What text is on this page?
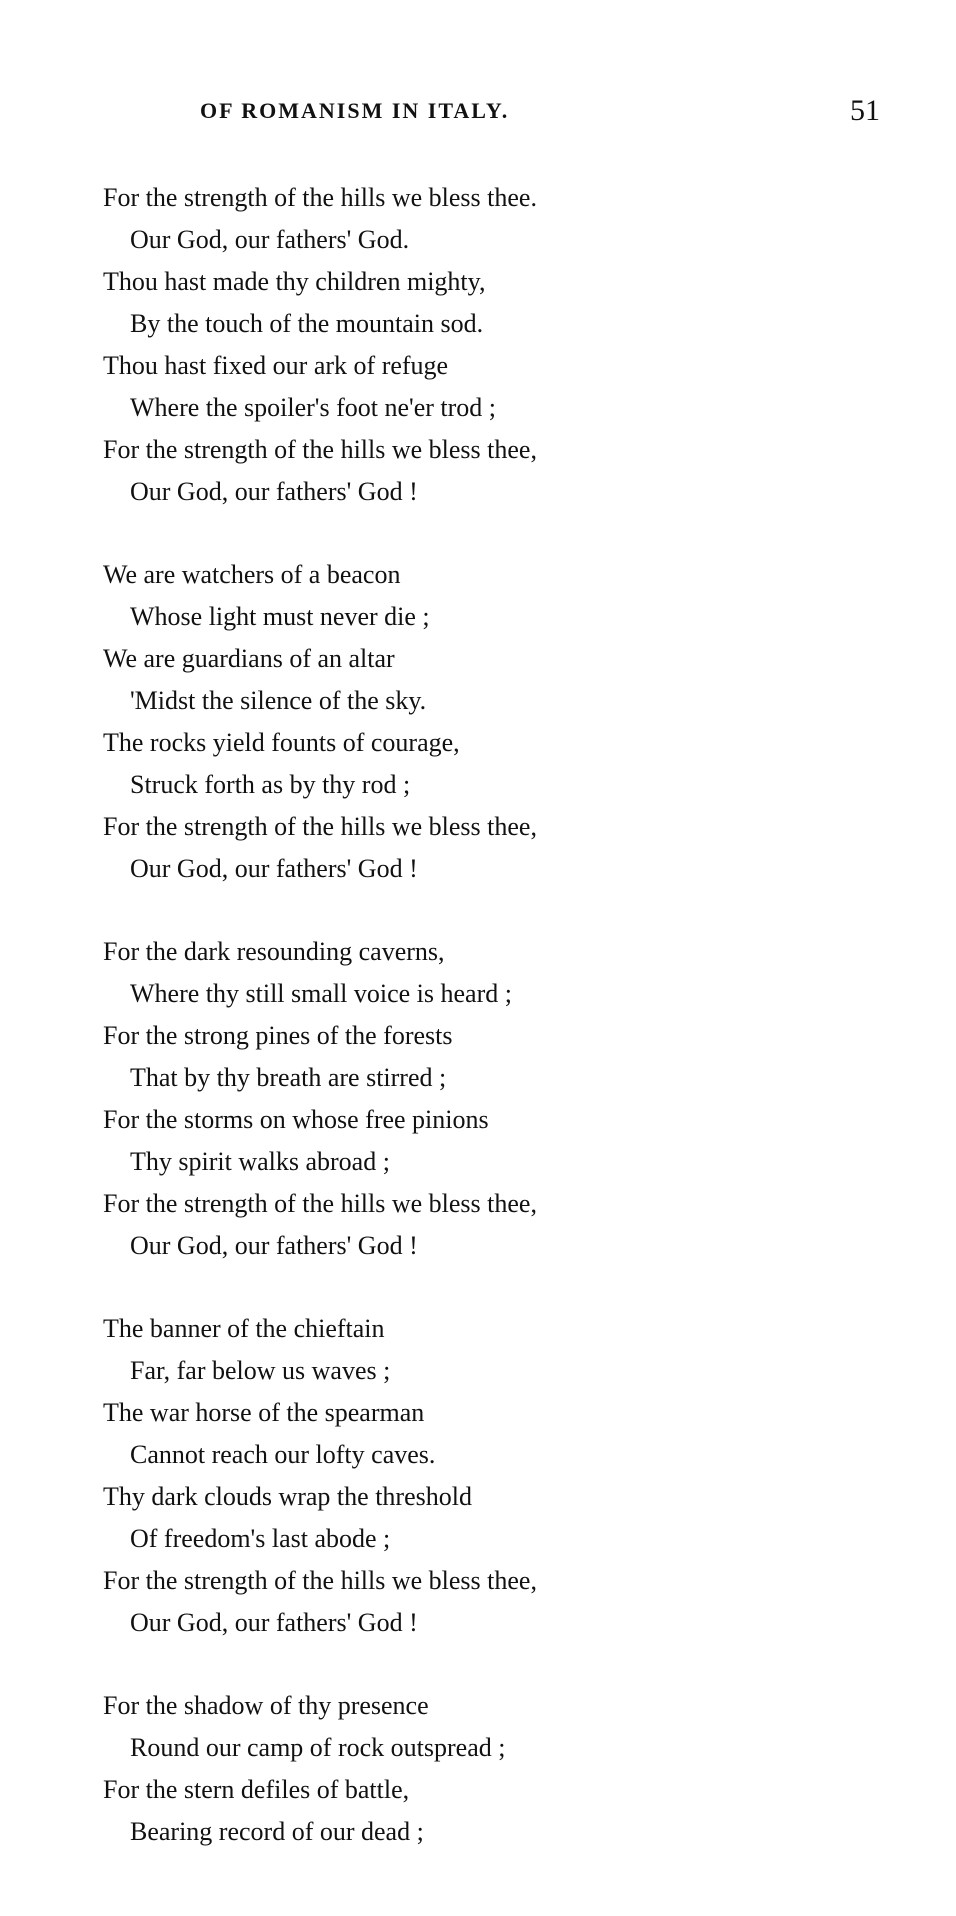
OF ROMANISM IN ITALY.	51
For the strength of the hills we bless thee.
Our God, our fathers' God.
Thou hast made thy children mighty,
By the touch of the mountain sod.
Thou hast fixed our ark of refuge
Where the spoiler's foot ne'er trod ;
For the strength of the hills we bless thee,
Our God, our fathers' God !
We are watchers of a beacon
Whose light must never die ;
We are guardians of an altar
'Midst the silence of the sky.
The rocks yield founts of courage,
Struck forth as by thy rod ;
For the strength of the hills we bless thee,
Our God, our fathers' God !
For the dark resounding caverns,
Where thy still small voice is heard ;
For the strong pines of the forests
That by thy breath are stirred ;
For the storms on whose free pinions
Thy spirit walks abroad ;
For the strength of the hills we bless thee,
Our God, our fathers' God !
The banner of the chieftain
Far, far below us waves ;
The war horse of the spearman
Cannot reach our lofty caves.
Thy dark clouds wrap the threshold
Of freedom's last abode ;
For the strength of the hills we bless thee,
Our God, our fathers' God !
For the shadow of thy presence
Round our camp of rock outspread ;
For the stern defiles of battle,
Bearing record of our dead ;
